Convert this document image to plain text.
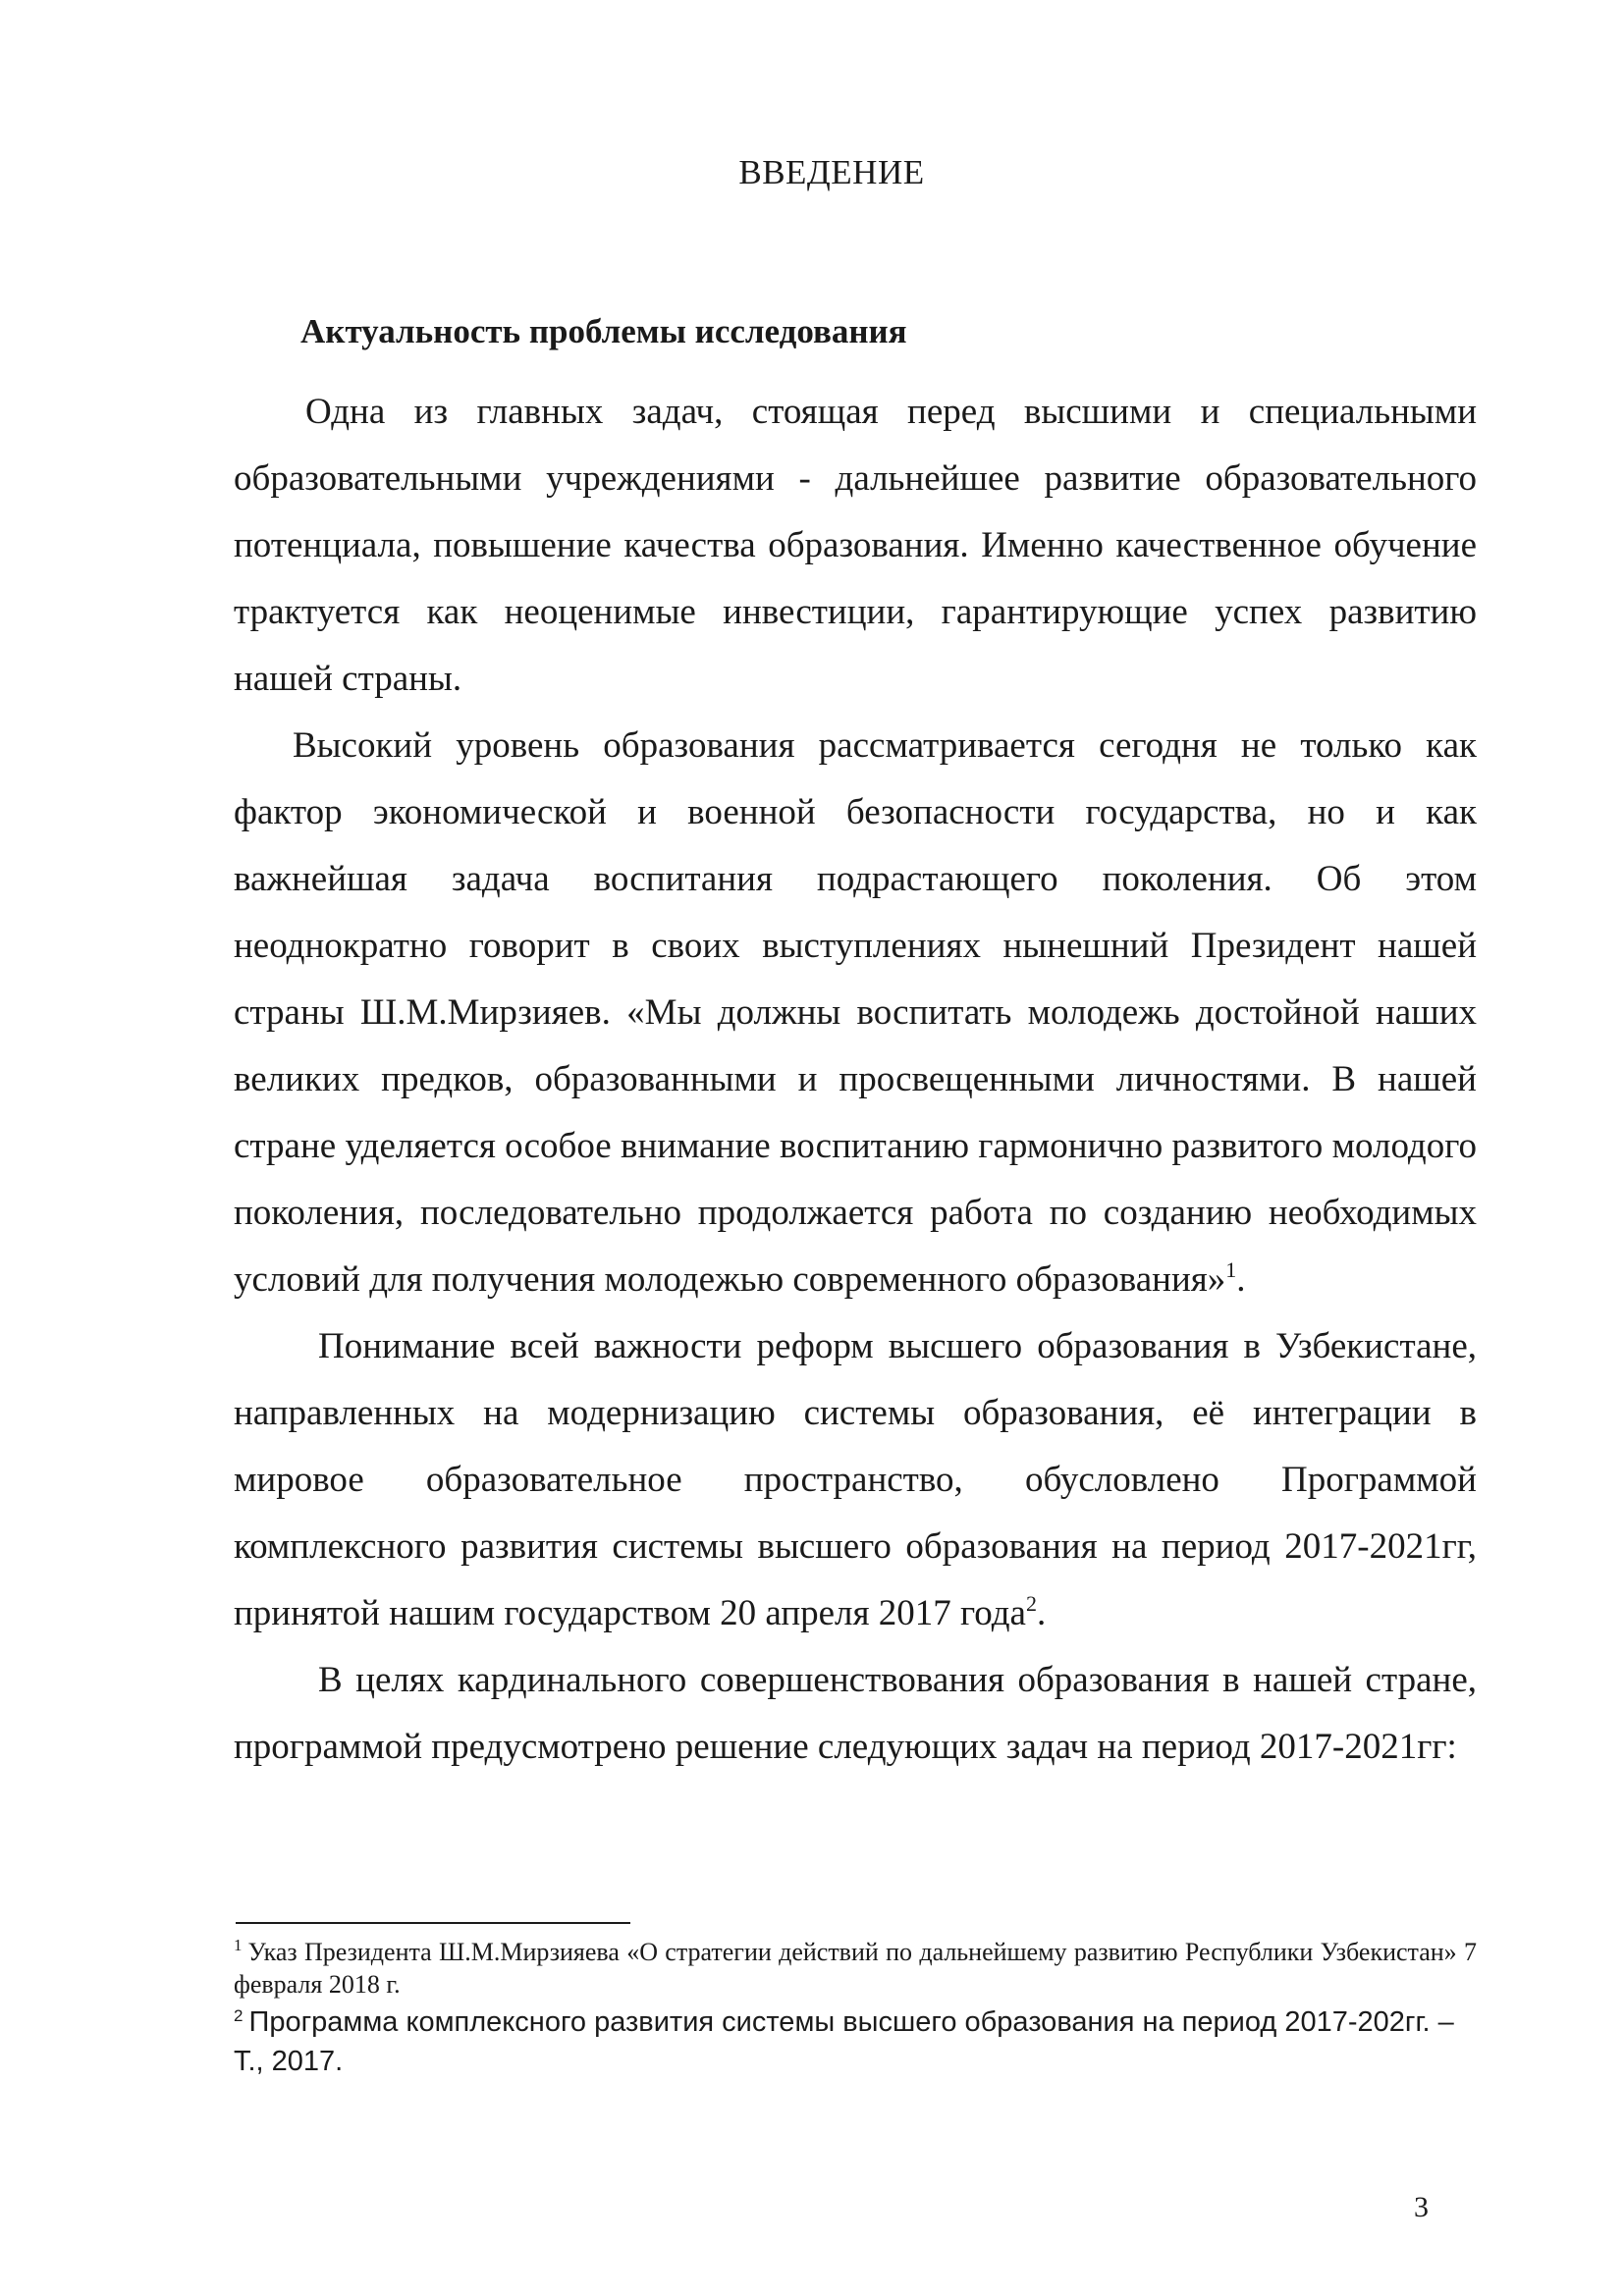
ВВЕДЕНИЕ
Актуальность проблемы исследования

Одна из главных задач, стоящая перед высшими и специальными образовательными учреждениями - дальнейшее развитие образовательного потенциала, повышение качества образования. Именно качественное обучение трактуется как неоценимые инвестиции, гарантирующие успех развитию нашей страны.

Высокий уровень образования рассматривается сегодня не только как фактор экономической и военной безопасности государства, но и как важнейшая задача воспитания подрастающего поколения. Об этом неоднократно говорит в своих выступлениях нынешний Президент нашей страны Ш.М.Мирзияев. «Мы должны воспитать молодежь достойной наших великих предков, образованными и просвещенными личностями. В нашей стране уделяется особое внимание воспитанию гармонично развитого молодого поколения, последовательно продолжается работа по созданию необходимых условий для получения молодежью современного образования»$^1$.

Понимание всей важности реформ высшего образования в Узбекистане, направленных на модернизацию системы образования, её интеграции в мировое образовательное пространство, обусловлено Программой комплексного развития системы высшего образования на период 2017-2021гг, принятой нашим государством 20 апреля 2017 года$^2$.

В целях кардинального совершенствования образования в нашей стране, программой предусмотрено решение следующих задач на период 2017-2021гг:

$^1$ Указ Президента Ш.М.Мирзияева «О стратегии действий по дальнейшему развитию Республики Узбекистан» 7 февраля 2018 г.

$^2$ Программа комплексного развития системы высшего образования на период 2017-202гг. –Т., 2017.

3
